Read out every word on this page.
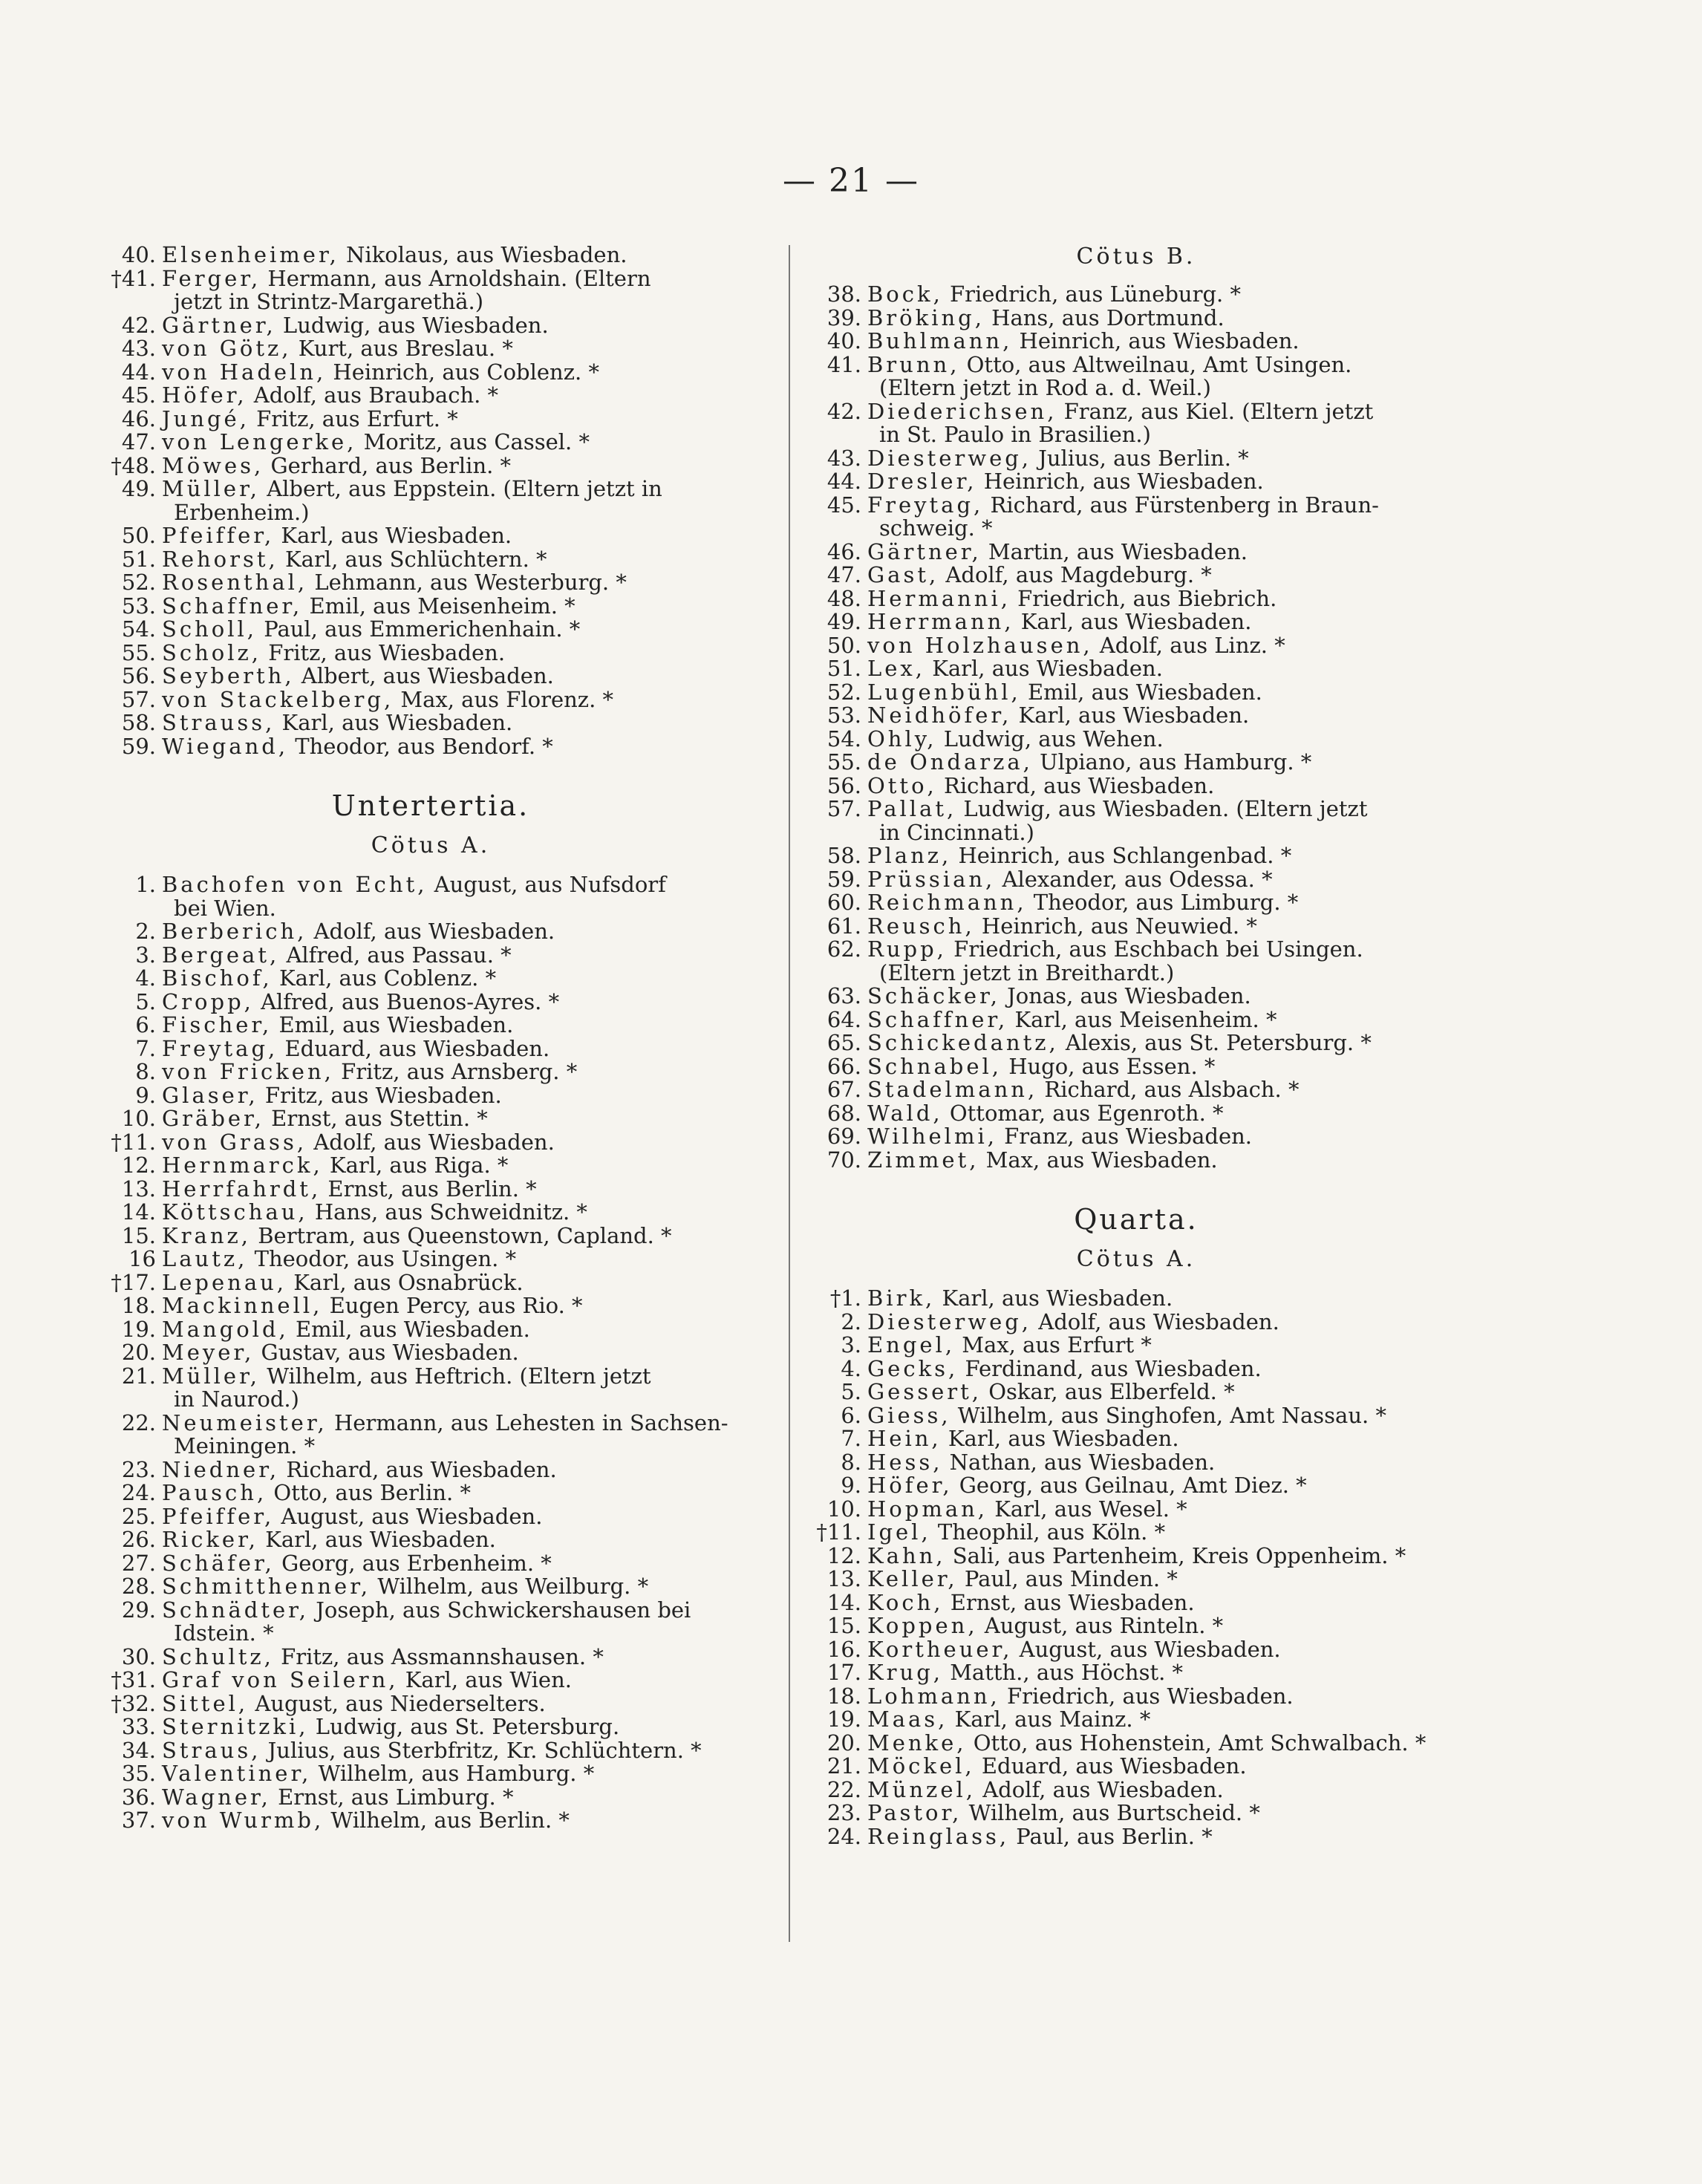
— 21 —
40. Elsenheimer, Nikolaus, aus Wiesbaden.
†41. Ferger, Hermann, aus Arnoldshain. (Eltern
jetzt in Strintz-Margarethä.)
42. Gärtner, Ludwig, aus Wiesbaden.
43. von Götz, Kurt, aus Breslau. *
44. von Hadeln, Heinrich, aus Coblenz. *
45. Höfer, Adolf, aus Braubach. *
46. Jungé, Fritz, aus Erfurt. *
47. von Lengerke, Moritz, aus Cassel. *
†48. Möwes, Gerhard, aus Berlin. *
49. Müller, Albert, aus Eppstein. (Eltern jetzt in
Erbenheim.)
50. Pfeiffer, Karl, aus Wiesbaden.
51. Rehorst, Karl, aus Schlüchtern. *
52. Rosenthal, Lehmann, aus Westerburg. *
53. Schaffner, Emil, aus Meisenheim. *
54. Scholl, Paul, aus Emmerichenhain. *
55. Scholz, Fritz, aus Wiesbaden.
56. Seyberth, Albert, aus Wiesbaden.
57. von Stackelberg, Max, aus Florenz. *
58. Strauss, Karl, aus Wiesbaden.
59. Wiegand, Theodor, aus Bendorf. *
Untertertia.
Cötus A.
1. Bachofen von Echt, August, aus Nufsdorf
bei Wien.
2. Berberich, Adolf, aus Wiesbaden.
3. Bergeat, Alfred, aus Passau. *
4. Bischof, Karl, aus Coblenz. *
5. Cropp, Alfred, aus Buenos-Ayres. *
6. Fischer, Emil, aus Wiesbaden.
7. Freytag, Eduard, aus Wiesbaden.
8. von Fricken, Fritz, aus Arnsberg. *
9. Glaser, Fritz, aus Wiesbaden.
10. Gräber, Ernst, aus Stettin. *
†11. von Grass, Adolf, aus Wiesbaden.
12. Hernmarck, Karl, aus Riga. *
13. Herrfahrdt, Ernst, aus Berlin. *
14. Köttschau, Hans, aus Schweidnitz. *
15. Kranz, Bertram, aus Queenstown, Capland. *
16 Lautz, Theodor, aus Usingen. *
†17. Lepenau, Karl, aus Osnabrück.
18. Mackinnell, Eugen Percy, aus Rio. *
19. Mangold, Emil, aus Wiesbaden.
20. Meyer, Gustav, aus Wiesbaden.
21. Müller, Wilhelm, aus Heftrich. (Eltern jetzt
in Naurod.)
22. Neumeister, Hermann, aus Lehesten in Sachsen-
Meiningen. *
23. Niedner, Richard, aus Wiesbaden.
24. Pausch, Otto, aus Berlin. *
25. Pfeiffer, August, aus Wiesbaden.
26. Ricker, Karl, aus Wiesbaden.
27. Schäfer, Georg, aus Erbenheim. *
28. Schmitthenner, Wilhelm, aus Weilburg. *
29. Schnädter, Joseph, aus Schwickershausen bei
Idstein. *
30. Schultz, Fritz, aus Assmannshausen. *
†31. Graf von Seilern, Karl, aus Wien.
†32. Sittel, August, aus Niederselters.
33. Sternitzki, Ludwig, aus St. Petersburg.
34. Straus, Julius, aus Sterbfritz, Kr. Schlüchtern. *
35. Valentiner, Wilhelm, aus Hamburg. *
36. Wagner, Ernst, aus Limburg. *
37. von Wurmb, Wilhelm, aus Berlin. *
Cötus B.
38. Bock, Friedrich, aus Lüneburg. *
39. Bröking, Hans, aus Dortmund.
40. Buhlmann, Heinrich, aus Wiesbaden.
41. Brunn, Otto, aus Altweilnau, Amt Usingen.
(Eltern jetzt in Rod a. d. Weil.)
42. Diederichsen, Franz, aus Kiel. (Eltern jetzt
in St. Paulo in Brasilien.)
43. Diesterweg, Julius, aus Berlin. *
44. Dresler, Heinrich, aus Wiesbaden.
45. Freytag, Richard, aus Fürstenberg in Braun-
schweig. *
46. Gärtner, Martin, aus Wiesbaden.
47. Gast, Adolf, aus Magdeburg. *
48. Hermanni, Friedrich, aus Biebrich.
49. Herrmann, Karl, aus Wiesbaden.
50. von Holzhausen, Adolf, aus Linz. *
51. Lex, Karl, aus Wiesbaden.
52. Lugenbühl, Emil, aus Wiesbaden.
53. Neidhöfer, Karl, aus Wiesbaden.
54. Ohly, Ludwig, aus Wehen.
55. de Ondarza, Ulpiano, aus Hamburg. *
56. Otto, Richard, aus Wiesbaden.
57. Pallat, Ludwig, aus Wiesbaden. (Eltern jetzt
in Cincinnati.)
58. Planz, Heinrich, aus Schlangenbad. *
59. Prüssian, Alexander, aus Odessa. *
60. Reichmann, Theodor, aus Limburg. *
61. Reusch, Heinrich, aus Neuwied. *
62. Rupp, Friedrich, aus Eschbach bei Usingen.
(Eltern jetzt in Breithardt.)
63. Schäcker, Jonas, aus Wiesbaden.
64. Schaffner, Karl, aus Meisenheim. *
65. Schickedantz, Alexis, aus St. Petersburg. *
66. Schnabel, Hugo, aus Essen. *
67. Stadelmann, Richard, aus Alsbach. *
68. Wald, Ottomar, aus Egenroth. *
69. Wilhelmi, Franz, aus Wiesbaden.
70. Zimmet, Max, aus Wiesbaden.
Quarta.
Cötus A.
†1. Birk, Karl, aus Wiesbaden.
2. Diesterweg, Adolf, aus Wiesbaden.
3. Engel, Max, aus Erfurt *
4. Gecks, Ferdinand, aus Wiesbaden.
5. Gessert, Oskar, aus Elberfeld. *
6. Giess, Wilhelm, aus Singhofen, Amt Nassau. *
7. Hein, Karl, aus Wiesbaden.
8. Hess, Nathan, aus Wiesbaden.
9. Höfer, Georg, aus Geilnau, Amt Diez. *
10. Hopman, Karl, aus Wesel. *
†11. Igel, Theophil, aus Köln. *
12. Kahn, Sali, aus Partenheim, Kreis Oppenheim. *
13. Keller, Paul, aus Minden. *
14. Koch, Ernst, aus Wiesbaden.
15. Koppen, August, aus Rinteln. *
16. Kortheuer, August, aus Wiesbaden.
17. Krug, Matth., aus Höchst. *
18. Lohmann, Friedrich, aus Wiesbaden.
19. Maas, Karl, aus Mainz. *
20. Menke, Otto, aus Hohenstein, Amt Schwalbach. *
21. Möckel, Eduard, aus Wiesbaden.
22. Münzel, Adolf, aus Wiesbaden.
23. Pastor, Wilhelm, aus Burtscheid. *
24. Reinglass, Paul, aus Berlin. *
